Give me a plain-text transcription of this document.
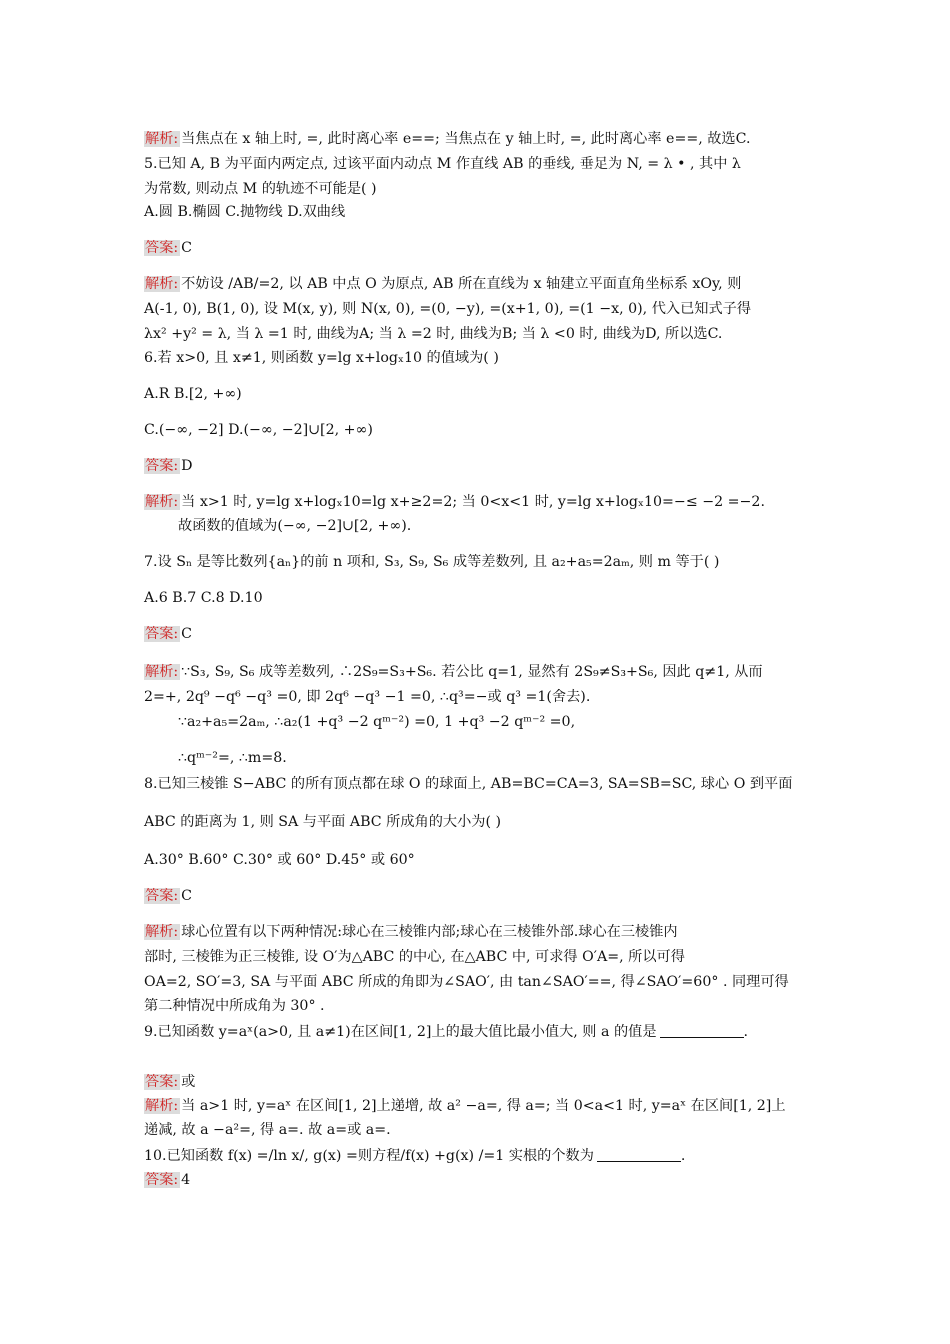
解析: 当焦点在 x 轴上时, =, 此时离心率 e==; 当焦点在 y 轴上时, =, 此时离心率 e==, 故选C.
5.已知 A, B 为平面内两定点, 过该平面内动点 M 作直线 AB 的垂线, 垂足为 N, = λ • , 其中 λ
为常数, 则动点 M 的轨迹不可能是( )
A.圆 B.椭圆 C.抛物线 D.双曲线
答案: C
解析: 不妨设 /AB/=2, 以 AB 中点 O 为原点, AB 所在直线为 x 轴建立平面直角坐标系 xOy, 则
A(-1, 0), B(1, 0), 设 M(x, y), 则 N(x, 0), =(0, −y), =(x+1, 0), =(1 −x, 0), 代入已知式子得
λx² +y² = λ, 当 λ =1 时, 曲线为A; 当 λ =2 时, 曲线为B; 当 λ <0 时, 曲线为D, 所以选C.
6.若 x>0, 且 x≠1, 则函数 y=lg x+logₓ10 的值域为( )
A.R B.[2, +∞)
C.(−∞, −2] D.(−∞, −2]∪[2, +∞)
答案: D
解析: 当 x>1 时, y=lg x+logₓ10=lg x+≥2=2; 当 0<x<1 时, y=lg x+logₓ10=−≤ −2 =−2.
故函数的值域为(−∞, −2]∪[2, +∞).
7.设 Sₙ 是等比数列{aₙ}的前 n 项和, S₃, S₉, S₆ 成等差数列, 且 a₂+a₅=2aₘ, 则 m 等于( )
A.6 B.7 C.8 D.10
答案: C
解析: ∵S₃, S₉, S₆ 成等差数列, ∴2S₉=S₃+S₆. 若公比 q=1, 显然有 2S₉≠S₃+S₆, 因此 q≠1, 从而
2=+, 2q⁹ −q⁶ −q³ =0, 即 2q⁶ −q³ −1 =0, ∴q³=−或 q³ =1(舍去).
∵a₂+a₅=2aₘ, ∴a₂(1 +q³ −2 qᵐ⁻²) =0, 1 +q³ −2 qᵐ⁻² =0,
∴qᵐ⁻²=, ∴m=8.
8.已知三棱锥 S−ABC 的所有顶点都在球 O 的球面上, AB=BC=CA=3, SA=SB=SC, 球心 O 到平面
ABC 的距离为 1, 则 SA 与平面 ABC 所成角的大小为( )
A.30° B.60° C.30° 或 60° D.45° 或 60°
答案: C
解析: 球心位置有以下两种情况:球心在三棱锥内部;球心在三棱锥外部.球心在三棱锥内
部时, 三棱锥为正三棱锥, 设 O′为△ABC 的中心, 在△ABC 中, 可求得 O′A=, 所以可得
OA=2, SO′=3, SA 与平面 ABC 所成的角即为∠SAO′, 由 tan∠SAO′==, 得∠SAO′=60° . 同理可得
第二种情况中所成角为 30° .
9.已知函数 y=aˣ(a>0, 且 a≠1)在区间[1, 2]上的最大值比最小值大, 则 a 的值是	.
答案: 或
解析: 当 a>1 时, y=aˣ 在区间[1, 2]上递增, 故 a² −a=, 得 a=; 当 0<a<1 时, y=aˣ 在区间[1, 2]上
递减, 故 a −a²=, 得 a=. 故 a=或 a=.
10.已知函数 f(x) =/ln x/, g(x) =则方程/f(x) +g(x) /=1 实根的个数为	.
答案: 4
